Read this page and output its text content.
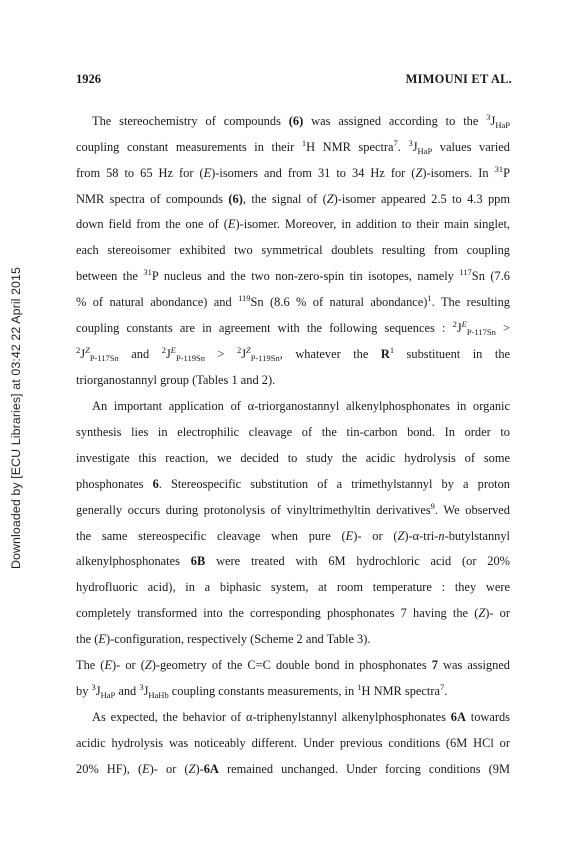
Downloaded by [ECU Libraries] at 03:42 22 April 2015
1926	MIMOUNI ET AL.
The stereochemistry of compounds (6) was assigned according to the $^3J_{HaP}$
coupling constant measurements in their $^1$H NMR spectra$^7$. $^3J_{HaP}$ values varied
from 58 to 65 Hz for (E)-isomers and from 31 to 34 Hz for (Z)-isomers. In $^{31}$P
NMR spectra of compounds (6), the signal of (Z)-isomer appeared 2.5 to 4.3 ppm
down field from the one of (E)-isomer. Moreover, in addition to their main singlet,
each stereoisomer exhibited two symmetrical doublets resulting from coupling
between the $^{31}$P nucleus and the two non-zero-spin tin isotopes, namely $^{117}$Sn (7.6
% of natural abondance) and $^{119}$Sn (8.6 % of natural abondance)$^1$. The resulting
coupling constants are in agreement with the following sequences : $^2J^E_{P-117Sn}$ >
$^2J^Z_{P-117Sn}$ and $^2J^E_{P-119Sn} > ^2J^Z_{P-119Sn}$, whatever the $R^1$ substituent in the
triorganostannyl group (Tables 1 and 2).
An important application of α-triorganostannyl alkenylphosphonates in organic
synthesis lies in electrophilic cleavage of the tin-carbon bond. In order to
investigate this reaction, we decided to study the acidic hydrolysis of some
phosphonates 6. Stereospecific substitution of a trimethylstannyl by a proton
generally occurs during protonolysis of vinyltrimethyltin derivatives$^9$. We observed
the same stereospecific cleavage when pure (E)- or (Z)-α-tri-n-butylstannyl
alkenylphosphonates 6B were treated with 6M hydrochloric acid (or 20%
hydrofluoric acid), in a biphasic system, at room temperature : they were
completely transformed into the corresponding phosphonates 7 having the (Z)- or
the (E)-configuration, respectively (Scheme 2 and Table 3).
The (E)- or (Z)-geometry of the C=C double bond in phosphonates 7 was assigned
by $^3J_{HaP}$ and $^3J_{HaHb}$ coupling constants measurements, in $^1$H NMR spectra$^7$.
As expected, the behavior of α-triphenylstannyl alkenylphosphonates 6A towards
acidic hydrolysis was noticeably different. Under previous conditions (6M HCl or
20% HF), (E)- or (Z)-6A remained unchanged. Under forcing conditions (9M
